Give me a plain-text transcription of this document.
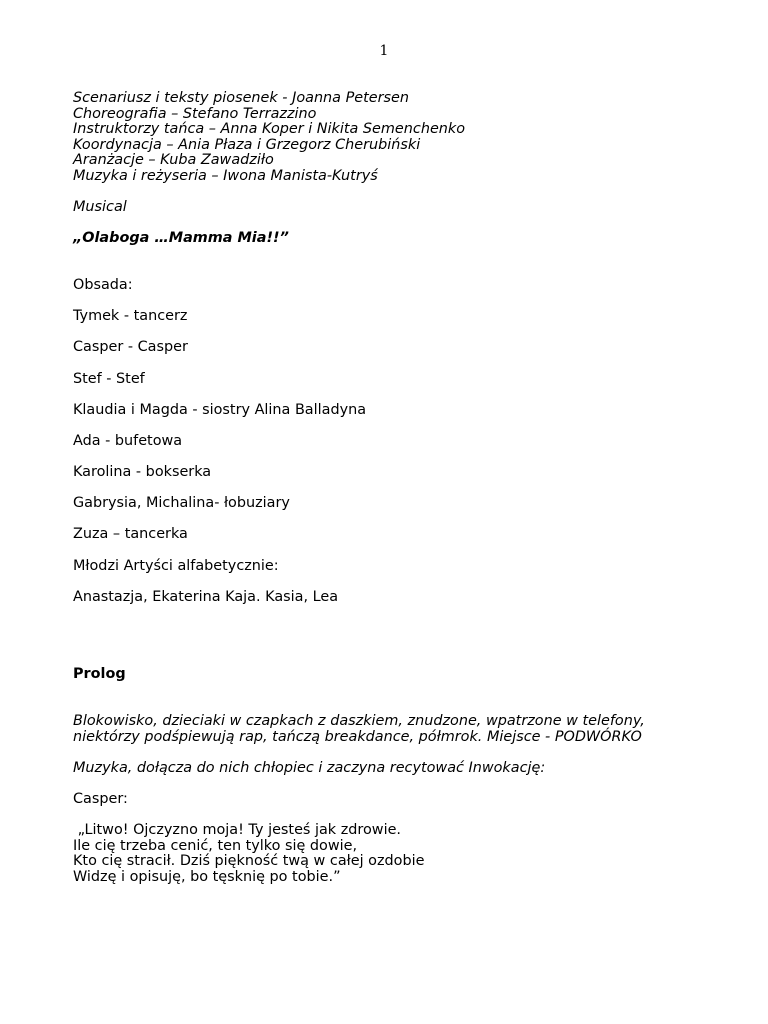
1
Scenariusz i teksty piosenek - Joanna Petersen
Choreografia – Stefano Terrazzino
Instruktorzy tańca – Anna Koper i Nikita Semenchenko
Koordynacja – Ania Płaza i Grzegorz Cherubiński
Aranżacje – Kuba Zawadziło
Muzyka i reżyseria – Iwona Manista-Kutryś
Musical
„Olaboga …Mamma Mia!!”
Obsada:
Tymek - tancerz
Casper - Casper
Stef - Stef
Klaudia i Magda - siostry Alina Balladyna
Ada - bufetowa
Karolina - bokserka
Gabrysia, Michalina- łobuziary
Zuza – tancerka
Młodzi Artyści alfabetycznie:
Anastazja, Ekaterina Kaja. Kasia, Lea
Prolog
Blokowisko, dzieciaki w czapkach z daszkiem, znudzone, wpatrzone w telefony,
niektórzy podśpiewują rap, tańczą breakdance, półmrok. Miejsce - PODWÓRKO
Muzyka, dołącza do nich chłopiec i zaczyna recytować Inwokację:
Casper:
„Litwo! Ojczyzno moja! Ty jesteś jak zdrowie.
Ile cię trzeba cenić, ten tylko się dowie,
Kto cię stracił. Dziś piękność twą w całej ozdobie
Widzę i opisuję, bo tęsknię po tobie.”
